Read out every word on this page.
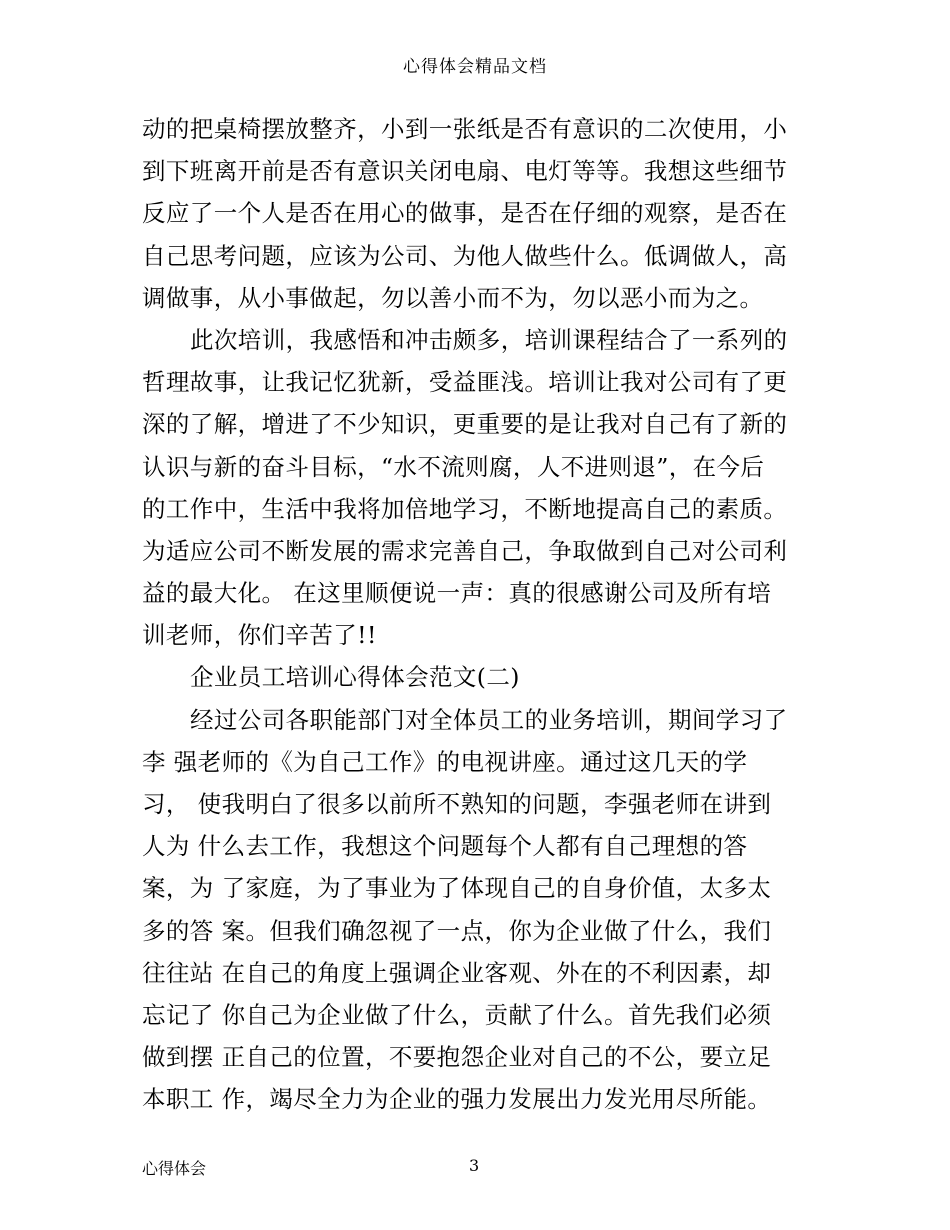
心得体会精品文档
动的把桌椅摆放整齐，小到一张纸是否有意识的二次使用，小
到下班离开前是否有意识关闭电扇、电灯等等。我想这些细节
反应了一个人是否在用心的做事，是否在仔细的观察，是否在
自己思考问题，应该为公司、为他人做些什么。低调做人，高
调做事，从小事做起，勿以善小而不为，勿以恶小而为之。
此次培训，我感悟和冲击颇多，培训课程结合了一系列的
哲理故事，让我记忆犹新，受益匪浅。培训让我对公司有了更
深的了解，增进了不少知识，更重要的是让我对自己有了新的
认识与新的奋斗目标，“水不流则腐，人不进则退”，在今后
的工作中，生活中我将加倍地学习，不断地提高自己的素质。
为适应公司不断发展的需求完善自己，争取做到自己对公司利
益的最大化。 在这里顺便说一声：真的很感谢公司及所有培
训老师，你们辛苦了!!
企业员工培训心得体会范文(二)
经过公司各职能部门对全体员工的业务培训，期间学习了
李 强老师的《为自己工作》的电视讲座。通过这几天的学
习， 使我明白了很多以前所不熟知的问题，李强老师在讲到
人为 什么去工作，我想这个问题每个人都有自己理想的答
案，为 了家庭，为了事业为了体现自己的自身价值，太多太
多的答 案。但我们确忽视了一点，你为企业做了什么，我们
往往站 在自己的角度上强调企业客观、外在的不利因素，却
忘记了 你自己为企业做了什么，贡献了什么。首先我们必须
做到摆 正自己的位置，不要抱怨企业对自己的不公，要立足
本职工 作，竭尽全力为企业的强力发展出力发光用尽所能。
心得体会	3
